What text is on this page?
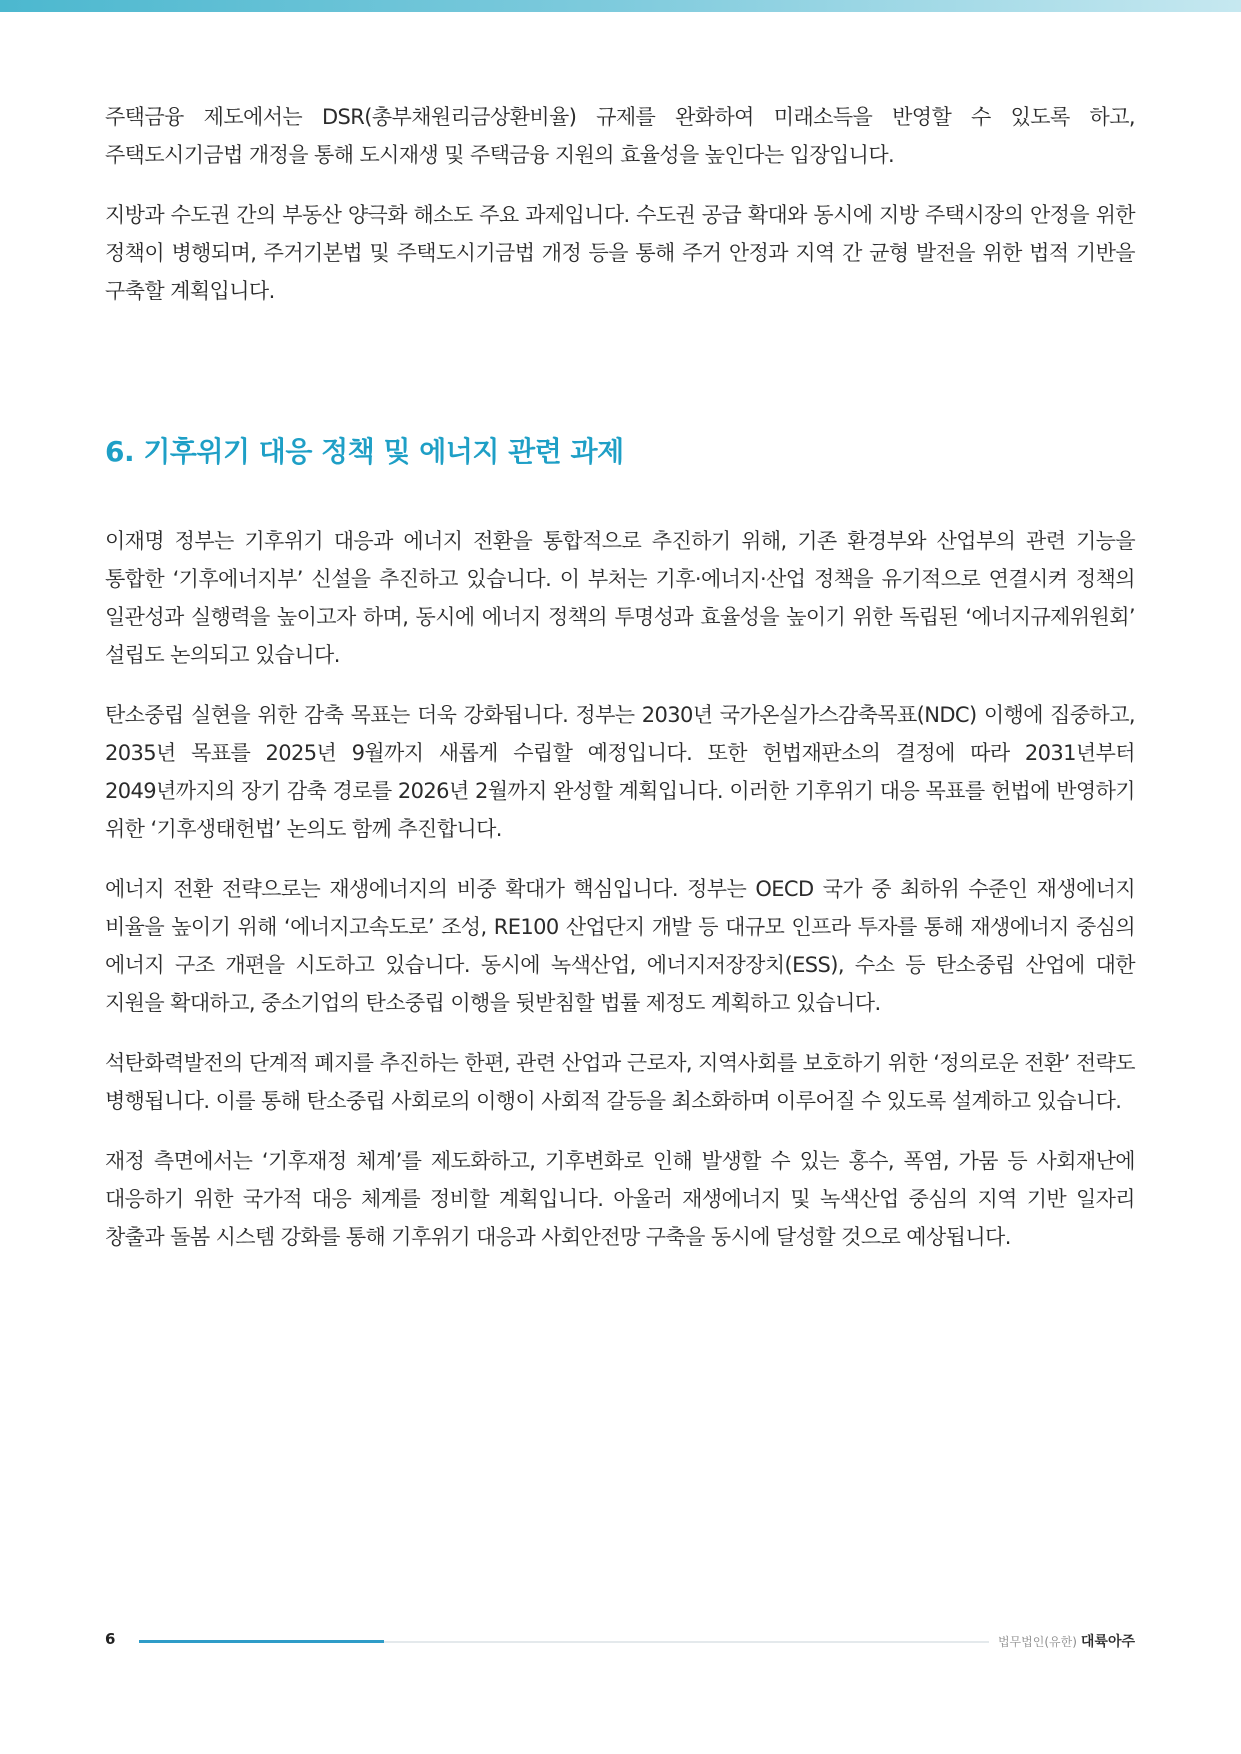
주택금융 제도에서는 DSR(총부채원리금상환비율) 규제를 완화하여 미래소득을 반영할 수 있도록 하고, 주택도시기금법 개정을 통해 도시재생 및 주택금융 지원의 효율성을 높인다는 입장입니다.

지방과 수도권 간의 부동산 양극화 해소도 주요 과제입니다. 수도권 공급 확대와 동시에 지방 주택시장의 안정을 위한 정책이 병행되며, 주거기본법 및 주택도시기금법 개정 등을 통해 주거 안정과 지역 간 균형 발전을 위한 법적 기반을 구축할 계획입니다.

6. 기후위기 대응 정책 및 에너지 관련 과제

이재명 정부는 기후위기 대응과 에너지 전환을 통합적으로 추진하기 위해, 기존 환경부와 산업부의 관련 기능을 통합한 ‘기후에너지부’ 신설을 추진하고 있습니다. 이 부처는 기후·에너지·산업 정책을 유기적으로 연결시켜 정책의 일관성과 실행력을 높이고자 하며, 동시에 에너지 정책의 투명성과 효율성을 높이기 위한 독립된 ‘에너지규제위원회’ 설립도 논의되고 있습니다.

탄소중립 실현을 위한 감축 목표는 더욱 강화됩니다. 정부는 2030년 국가온실가스감축목표(NDC) 이행에 집중하고, 2035년 목표를 2025년 9월까지 새롭게 수립할 예정입니다. 또한 헌법재판소의 결정에 따라 2031년부터 2049년까지의 장기 감축 경로를 2026년 2월까지 완성할 계획입니다. 이러한 기후위기 대응 목표를 헌법에 반영하기 위한 ‘기후생태헌법’ 논의도 함께 추진합니다.

에너지 전환 전략으로는 재생에너지의 비중 확대가 핵심입니다. 정부는 OECD 국가 중 최하위 수준인 재생에너지 비율을 높이기 위해 ‘에너지고속도로’ 조성, RE100 산업단지 개발 등 대규모 인프라 투자를 통해 재생에너지 중심의 에너지 구조 개편을 시도하고 있습니다. 동시에 녹색산업, 에너지저장장치(ESS), 수소 등 탄소중립 산업에 대한 지원을 확대하고, 중소기업의 탄소중립 이행을 뒷받침할 법률 제정도 계획하고 있습니다.

석탄화력발전의 단계적 폐지를 추진하는 한편, 관련 산업과 근로자, 지역사회를 보호하기 위한 ‘정의로운 전환’ 전략도 병행됩니다. 이를 통해 탄소중립 사회로의 이행이 사회적 갈등을 최소화하며 이루어질 수 있도록 설계하고 있습니다.

재정 측면에서는 ‘기후재정 체계’를 제도화하고, 기후변화로 인해 발생할 수 있는 홍수, 폭염, 가뭄 등 사회재난에 대응하기 위한 국가적 대응 체계를 정비할 계획입니다. 아울러 재생에너지 및 녹색산업 중심의 지역 기반 일자리 창출과 돌봄 시스템 강화를 통해 기후위기 대응과 사회안전망 구축을 동시에 달성할 것으로 예상됩니다.

6	법무법인(유한) 대륙아주
